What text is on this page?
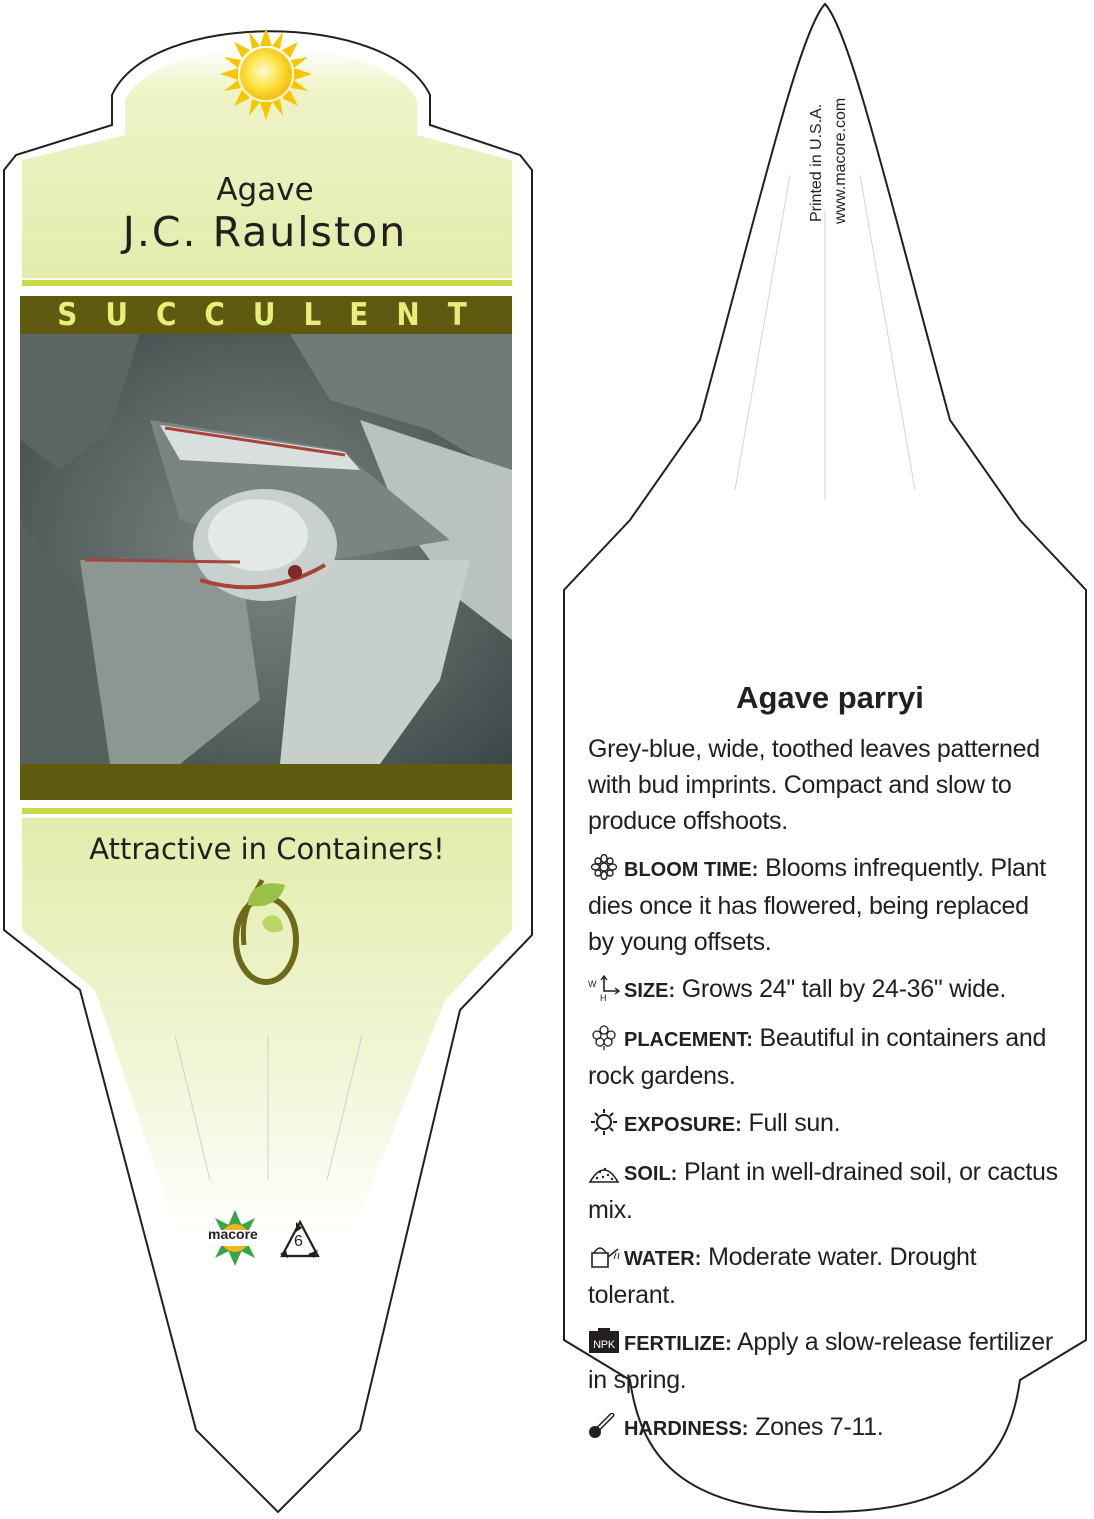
Agave
J.C. Raulston
SUCCULENT
Attractive in Containers!
macore 6
Printed in U.S.A. www.macore.com
Agave parryi
Grey-blue, wide, toothed leaves patterned with bud imprints. Compact and slow to produce offshoots.
BLOOM TIME: Blooms infrequently. Plant dies once it has flowered, being replaced by young offsets.
W
H SIZE: Grows 24" tall by 24-36" wide.
PLACEMENT: Beautiful in containers and rock gardens.
EXPOSURE: Full sun.
SOIL: Plant in well-drained soil, or cactus mix.
WATER: Moderate water. Drought tolerant.
NPK FERTILIZE: Apply a slow-release fertilizer in spring.
HARDINESS: Zones 7-11.
